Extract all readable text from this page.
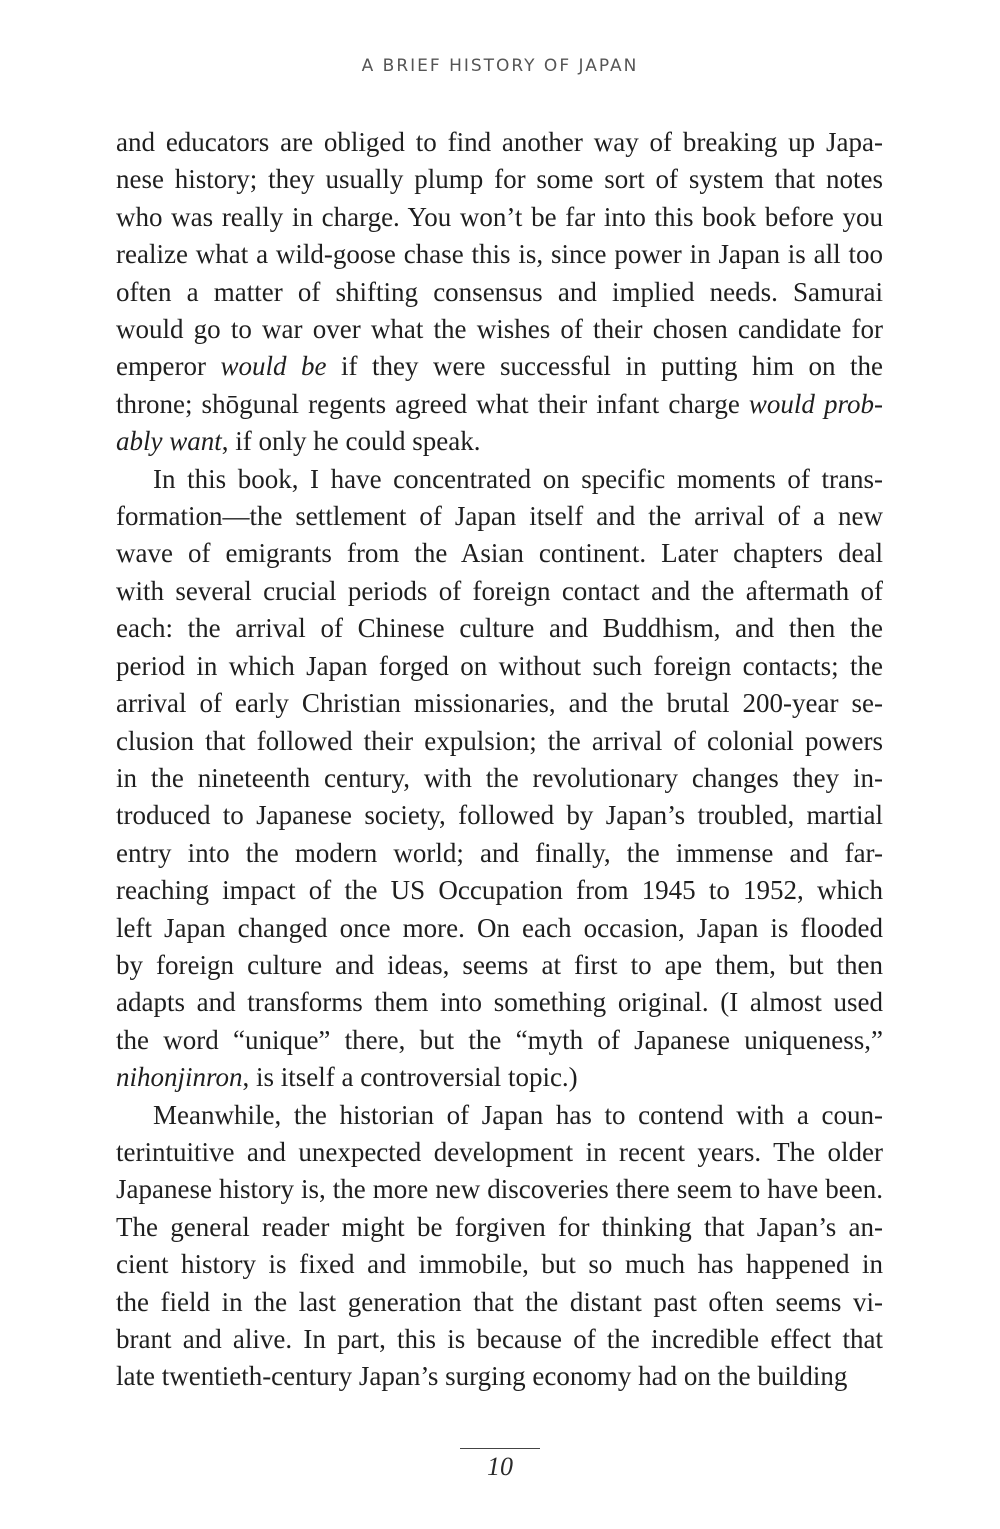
A BRIEF HISTORY OF JAPAN
and educators are obliged to find another way of breaking up Japa-
nese history; they usually plump for some sort of system that notes
who was really in charge. You won’t be far into this book before you
realize what a wild-goose chase this is, since power in Japan is all too
often a matter of shifting consensus and implied needs. Samurai
would go to war over what the wishes of their chosen candidate for
emperor would be if they were successful in putting him on the
throne; shōgunal regents agreed what their infant charge would prob-
ably want, if only he could speak.
In this book, I have concentrated on specific moments of trans-
formation—the settlement of Japan itself and the arrival of a new
wave of emigrants from the Asian continent. Later chapters deal
with several crucial periods of foreign contact and the aftermath of
each: the arrival of Chinese culture and Buddhism, and then the
period in which Japan forged on without such foreign contacts; the
arrival of early Christian missionaries, and the brutal 200-year se-
clusion that followed their expulsion; the arrival of colonial powers
in the nineteenth century, with the revolutionary changes they in-
troduced to Japanese society, followed by Japan’s troubled, martial
entry into the modern world; and finally, the immense and far-
reaching impact of the US Occupation from 1945 to 1952, which
left Japan changed once more. On each occasion, Japan is flooded
by foreign culture and ideas, seems at first to ape them, but then
adapts and transforms them into something original. (I almost used
the word “unique” there, but the “myth of Japanese uniqueness,”
nihonjinron, is itself a controversial topic.)
Meanwhile, the historian of Japan has to contend with a coun-
terintuitive and unexpected development in recent years. The older
Japanese history is, the more new discoveries there seem to have been.
The general reader might be forgiven for thinking that Japan’s an-
cient history is fixed and immobile, but so much has happened in
the field in the last generation that the distant past often seems vi-
brant and alive. In part, this is because of the incredible effect that
late twentieth-century Japan’s surging economy had on the building
10
